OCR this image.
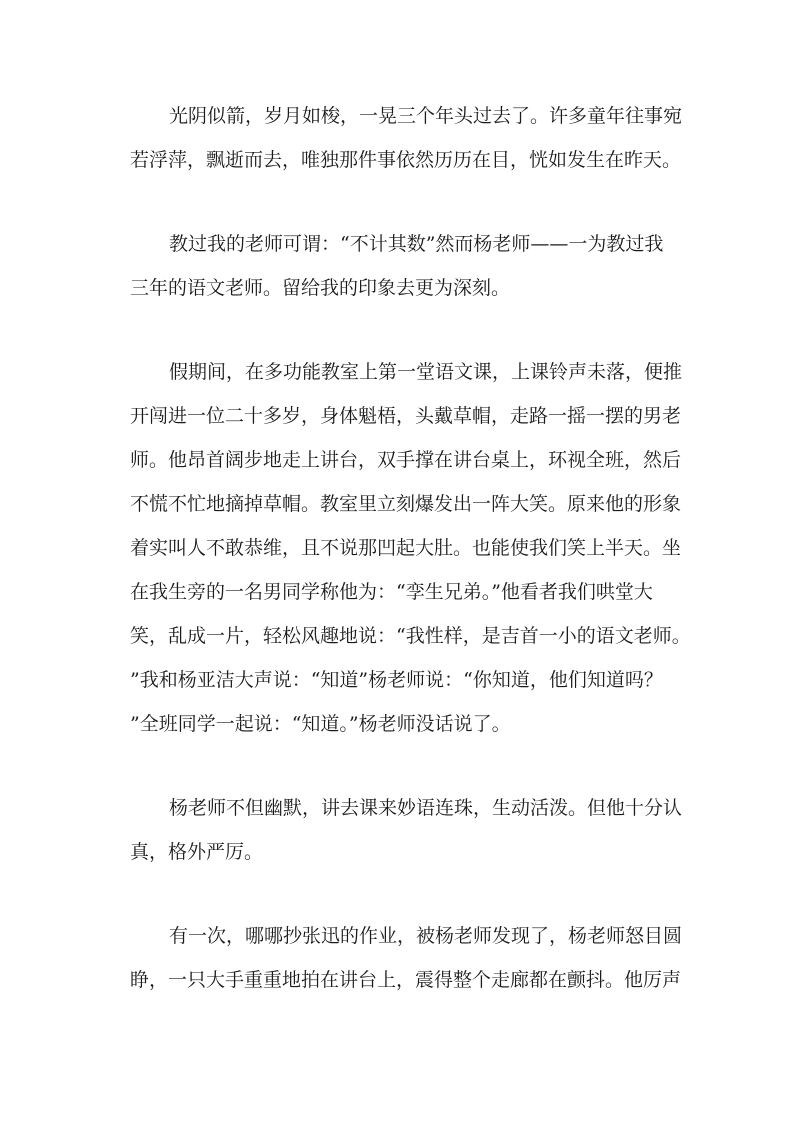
光阴似箭，岁月如梭，一晃三个年头过去了。许多童年往事宛
若浮萍，飘逝而去，唯独那件事依然历历在目，恍如发生在昨天。
教过我的老师可谓：“不计其数”然而杨老师——一为教过我
三年的语文老师。留给我的印象去更为深刻。
假期间，在多功能教室上第一堂语文课，上课铃声未落，便推
开闯进一位二十多岁，身体魁梧，头戴草帽，走路一摇一摆的男老
师。他昂首阔步地走上讲台，双手撑在讲台桌上，环视全班，然后
不慌不忙地摘掉草帽。教室里立刻爆发出一阵大笑。原来他的形象
着实叫人不敢恭维，且不说那凹起大肚。也能使我们笑上半天。坐
在我生旁的一名男同学称他为：“孪生兄弟。”他看者我们哄堂大
笑，乱成一片，轻松风趣地说：“我性样，是吉首一小的语文老师。
”我和杨亚洁大声说：“知道”杨老师说：“你知道，他们知道吗？
”全班同学一起说：“知道。”杨老师没话说了。
杨老师不但幽默，讲去课来妙语连珠，生动活泼。但他十分认
真，格外严厉。
有一次，哪哪抄张迅的作业，被杨老师发现了，杨老师怒目圆
睁，一只大手重重地拍在讲台上，震得整个走廊都在颤抖。他厉声
